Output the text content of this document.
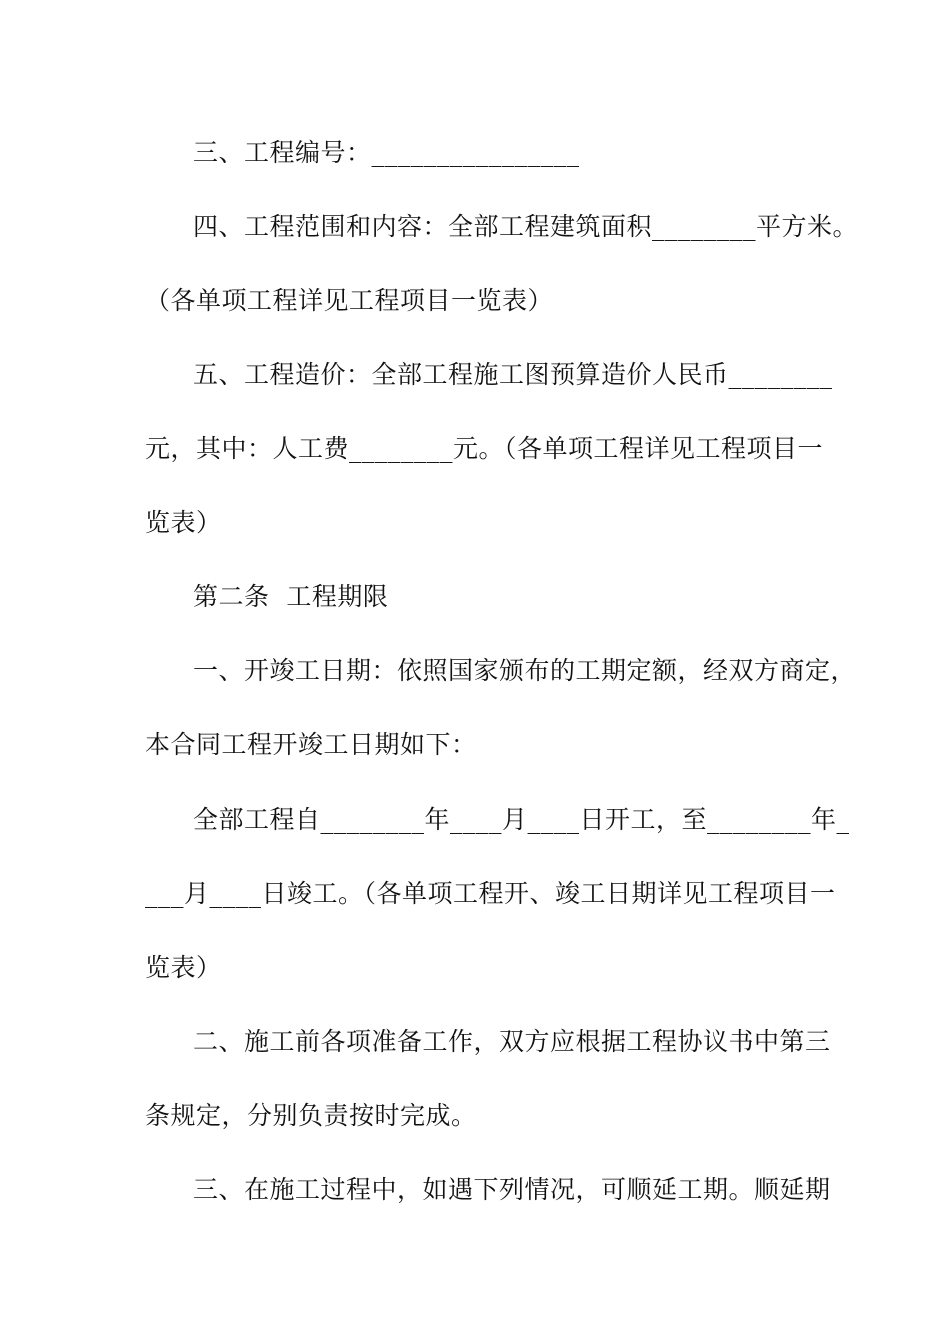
三、工程编号：________________
四、工程范围和内容：全部工程建筑面积________平方米。
（各单项工程详见工程项目一览表）
五、工程造价：全部工程施工图预算造价人民币________
元，其中：人工费________元。（各单项工程详见工程项目一
览表）
第二条  工程期限
一、开竣工日期：依照国家颁布的工期定额，经双方商定，
本合同工程开竣工日期如下：
全部工程自________年____月____日开工，至________年_
___月____日竣工。（各单项工程开、竣工日期详见工程项目一
览表）
二、施工前各项准备工作，双方应根据工程协议书中第三
条规定，分别负责按时完成。
三、在施工过程中，如遇下列情况，可顺延工期。顺延期
